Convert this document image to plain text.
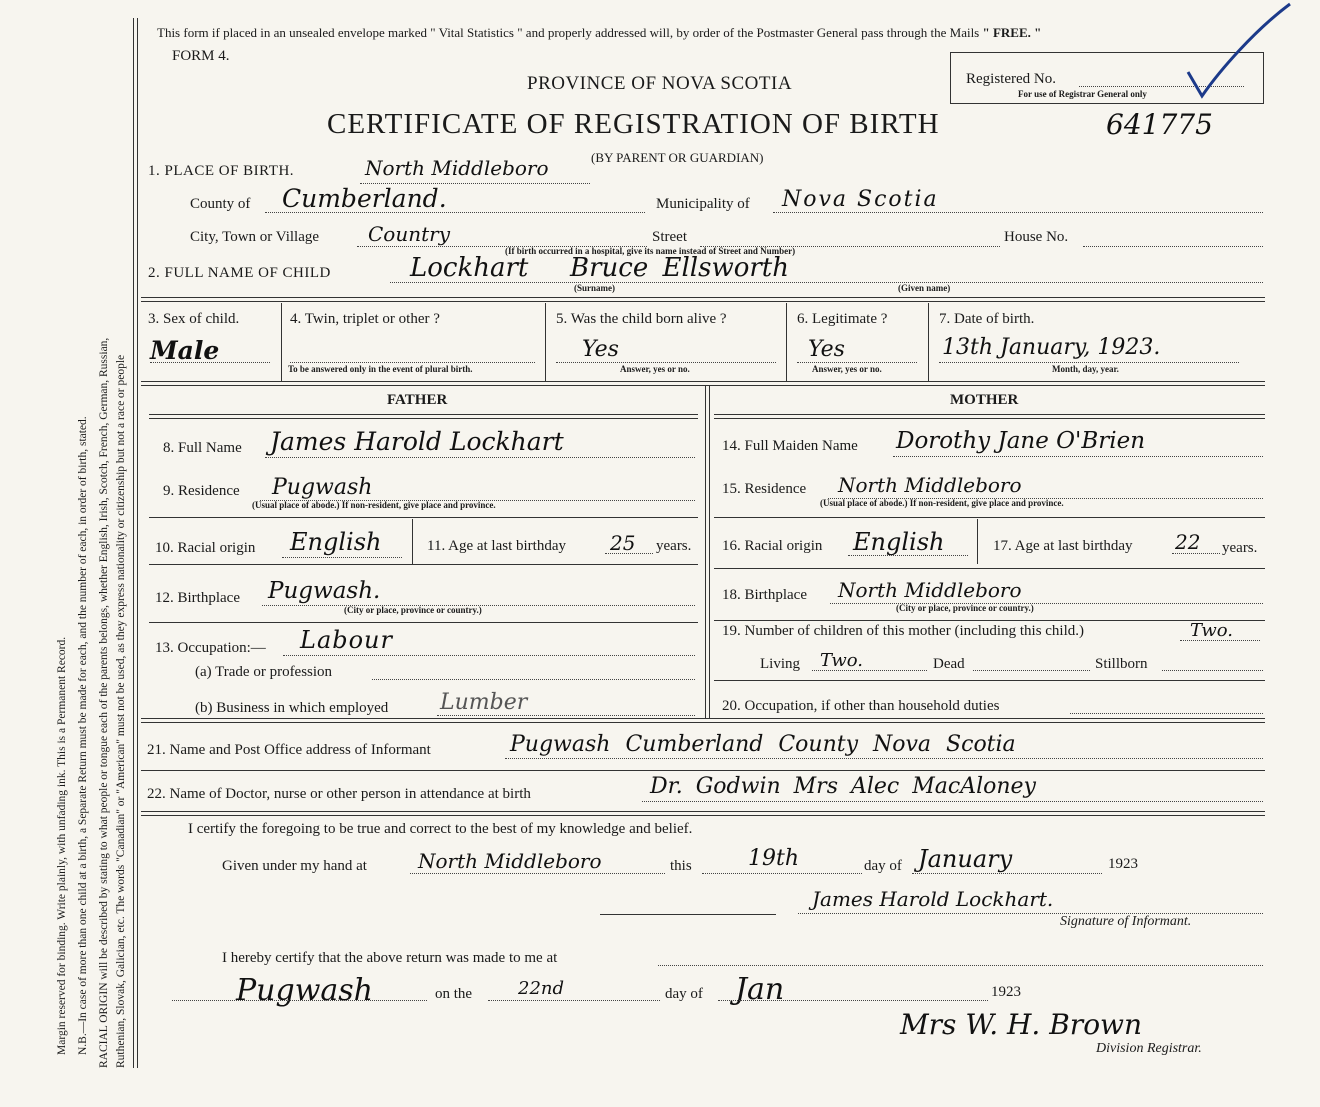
Margin reserved for binding. Write plainly, with unfading ink. This is a Permanent Record. N.B.—In case of more than one child at a birth, a Separate Return must be made for each, and the number of each, in order of birth, stated. RACIAL ORIGIN will be described by stating to what people or tongue each of the parents belongs, whether English, Irish, Scotch, French, German, Russian, Ruthenian, Slovak, Galician, etc. The words "Canadian" or "American" must not be used, as they express nationality or citizenship but not a race or people
This form if placed in an unsealed envelope marked " Vital Statistics " and properly addressed will, by order of the Postmaster General pass through the Mails " FREE. "
FORM 4.
PROVINCE OF NOVA SCOTIA
CERTIFICATE OF REGISTRATION OF BIRTH	641775
(BY PARENT OR GUARDIAN)
Registered No.
For use of Registrar General only
1. PLACE OF BIRTH.	North Middleboro
County of Cumberland.	Municipality of Nova Scotia
City, Town or Village Country	Street
(If birth occurred in a hospital, give its name instead of Street and Number)
House No.
2. FULL NAME OF CHILD	Lockhart Bruce Ellsworth
(Surname)	(Given name)
3. Sex of child.
Male
4. Twin, triplet or other ?
To be answered only in the event of plural birth.
5. Was the child born alive ?
Yes
Answer, yes or no.
6. Legitimate ?
Yes
Answer, yes or no.
7. Date of birth.
13th January, 1923.
Month, day, year.
FATHER	MOTHER
8. Full Name James Harold Lockhart
9. Residence Pugwash
(Usual place of abode.) If non-resident, give place and province.
10. Racial origin English	11. Age at last birthday 25 years.
12. Birthplace Pugwash.
(City or place, province or country.)
13. Occupation:— Labour
(a) Trade or profession
(b) Business in which employed Lumber
14. Full Maiden Name Dorothy Jane O'Brien
15. Residence North Middleboro
(Usual place of abode.) If non-resident, give place and province.
16. Racial origin English	17. Age at last birthday 22 years.
18. Birthplace North Middleboro
(City or place, province or country.)
19. Number of children of this mother (including this child.)	Two.
Living Two.	Dead	Stillborn
20. Occupation, if other than household duties
21. Name and Post Office address of Informant	Pugwash Cumberland County Nova Scotia
22. Name of Doctor, nurse or other person in attendance at birth	Dr. Godwin Mrs Alec MacAloney
I certify the foregoing to be true and correct to the best of my knowledge and belief.
Given under my hand at	North Middleboro	this	19th	day of January	1923
James Harold Lockhart.
Signature of Informant.
I hereby certify that the above return was made to me at
Pugwash	on the	22nd	day of Jan	1923
Mrs W. H. Brown
Division Registrar.
